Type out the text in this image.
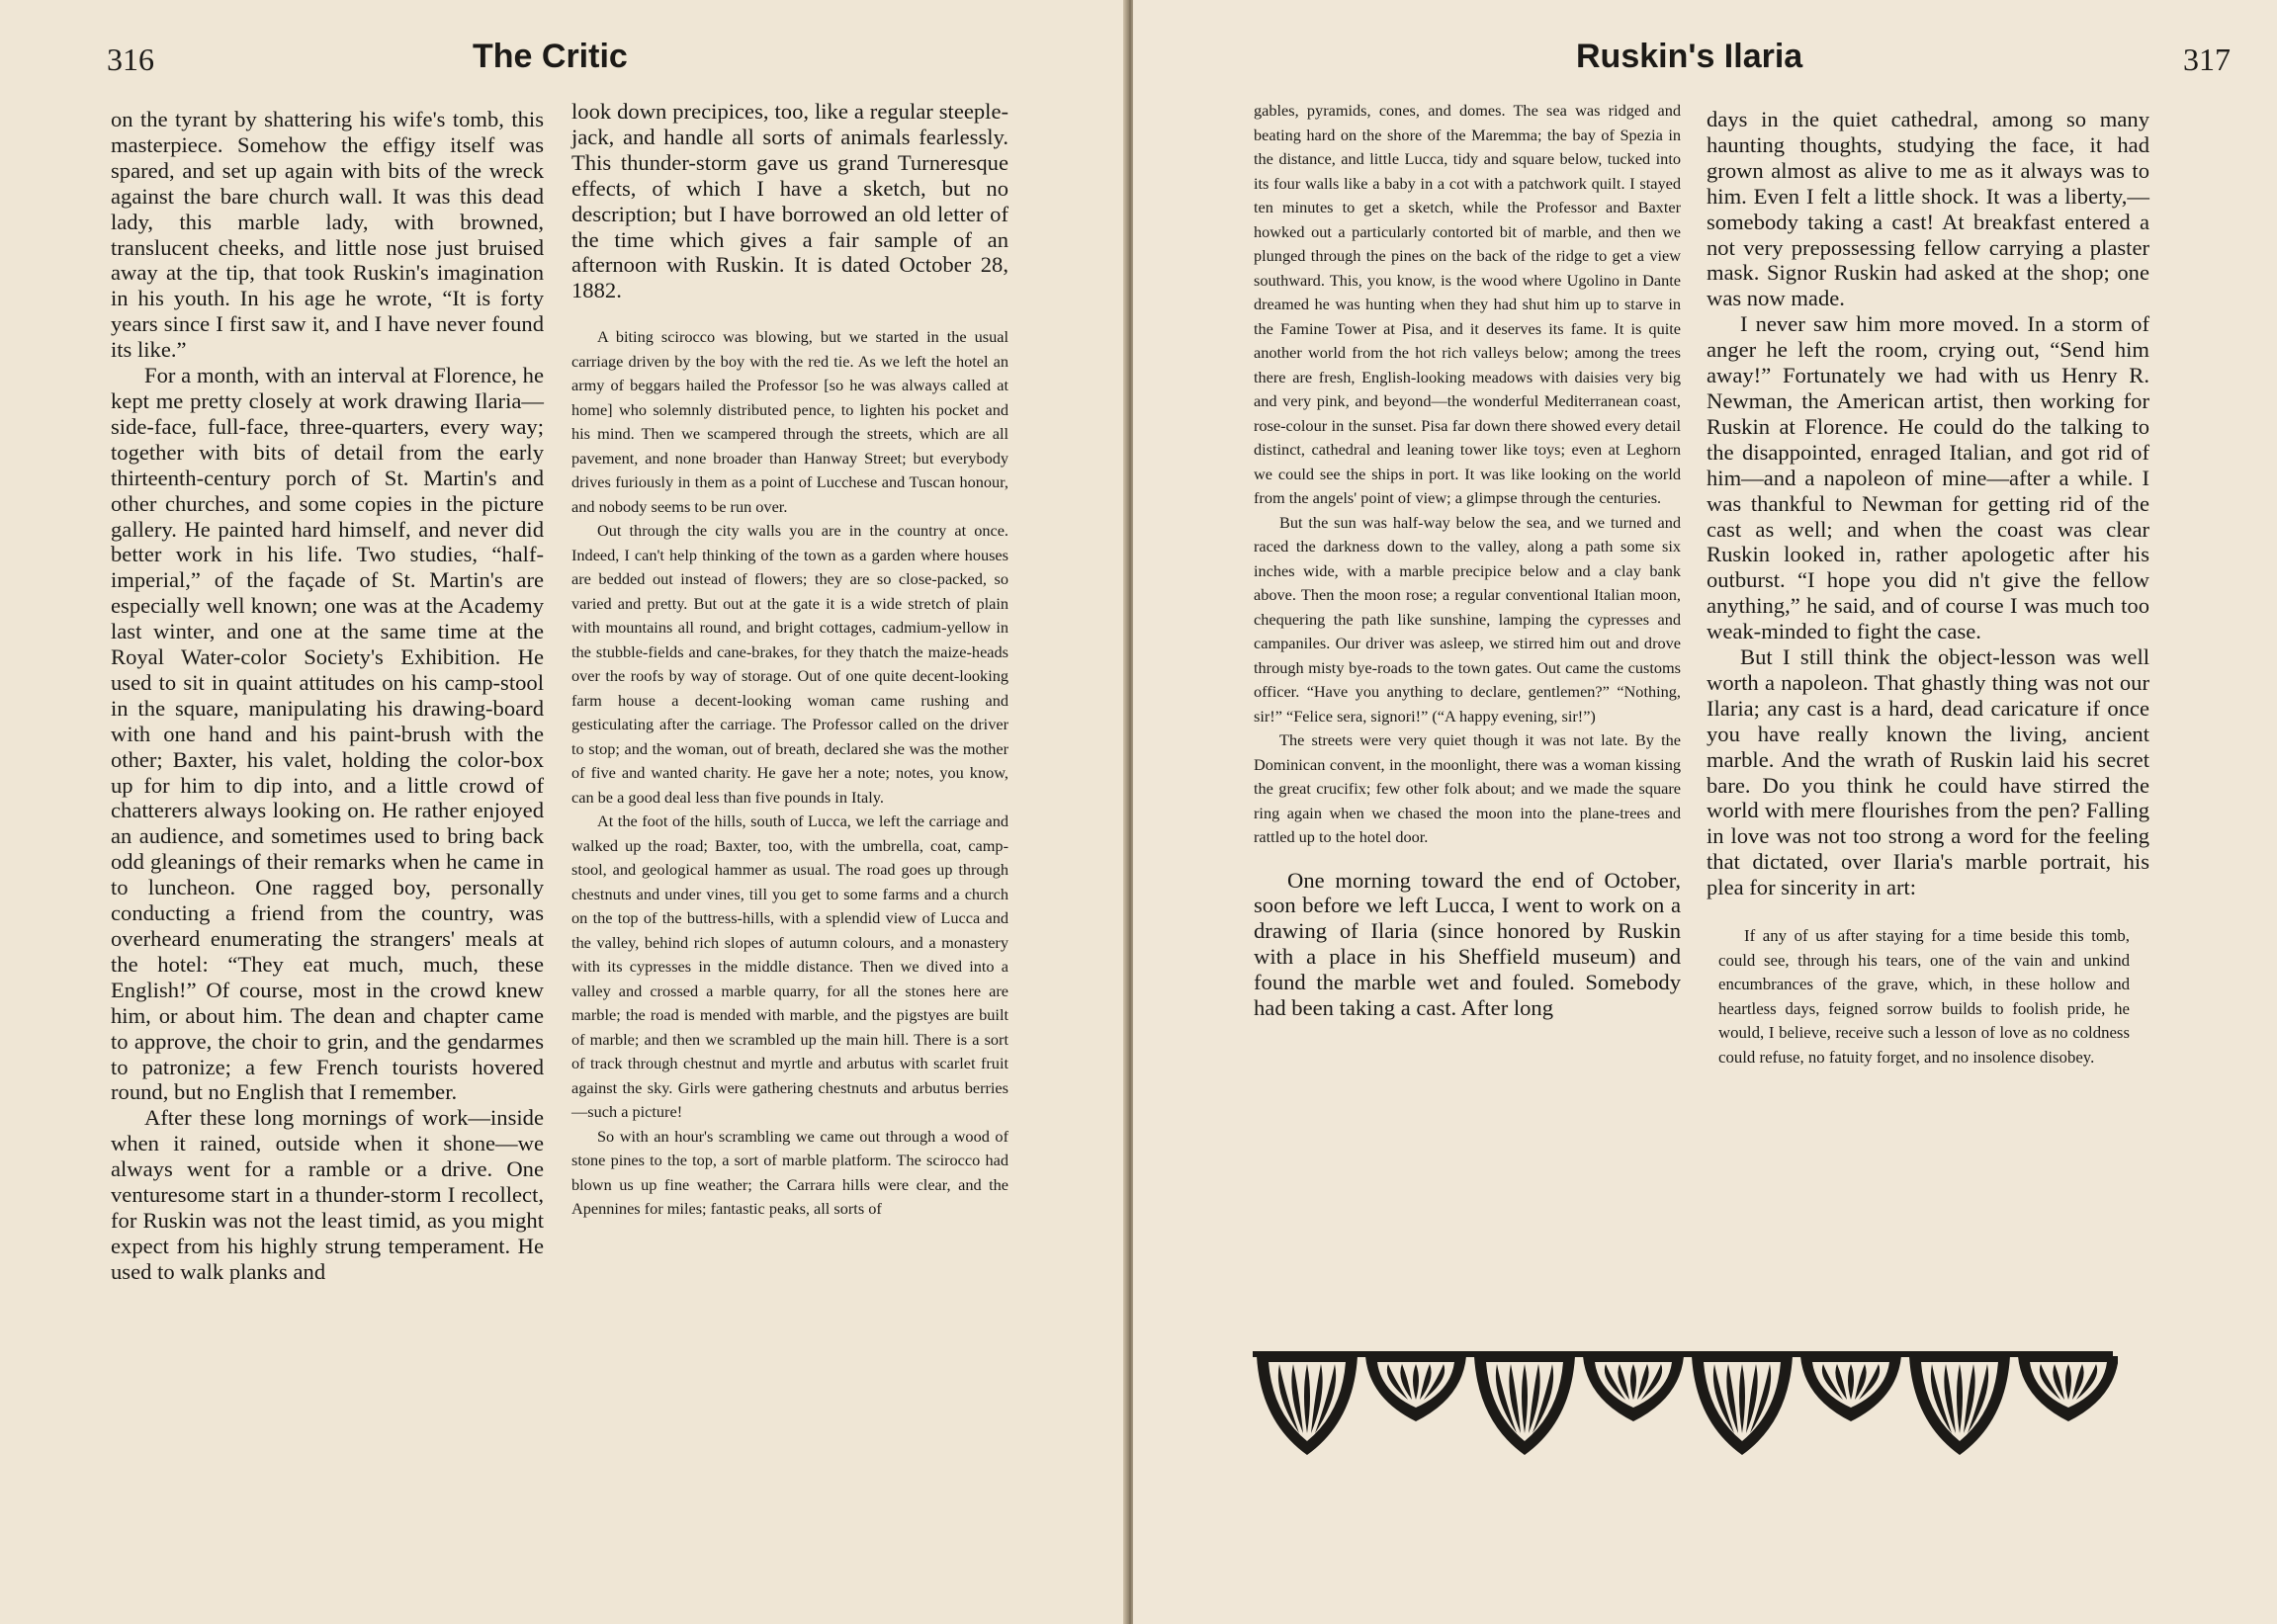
316	The Critic

on the tyrant by shattering his wife's tomb, this masterpiece. Somehow the effigy itself was spared, and set up again with bits of the wreck against the bare church wall. It was this dead lady, this marble lady, with browned, translucent cheeks, and little nose just bruised away at the tip, that took Ruskin's imagination in his youth. In his age he wrote, “It is forty years since I first saw it, and I have never found its like.”

For a month, with an interval at Florence, he kept me pretty closely at work drawing Ilaria—side-face, full-face, three-quarters, every way; together with bits of detail from the early thirteenth-century porch of St. Martin's and other churches, and some copies in the picture gallery. He painted hard himself, and never did better work in his life. Two studies, “half-imperial,” of the façade of St. Martin's are especially well known; one was at the Academy last winter, and one at the same time at the Royal Water-color Society's Exhibition. He used to sit in quaint attitudes on his camp-stool in the square, manipulating his drawing-board with one hand and his paint-brush with the other; Baxter, his valet, holding the color-box up for him to dip into, and a little crowd of chatterers always looking on. He rather enjoyed an audience, and sometimes used to bring back odd gleanings of their remarks when he came in to luncheon. One ragged boy, personally conducting a friend from the country, was overheard enumerating the strangers' meals at the hotel: “They eat much, much, these English!” Of course, most in the crowd knew him, or about him. The dean and chapter came to approve, the choir to grin, and the gendarmes to patronize; a few French tourists hovered round, but no English that I remember.

After these long mornings of work—inside when it rained, outside when it shone—we always went for a ramble or a drive. One venturesome start in a thunder-storm I recollect, for Ruskin was not the least timid, as you might expect from his highly strung temperament. He used to walk planks and

look down precipices, too, like a regular steeple-jack, and handle all sorts of animals fearlessly. This thunder-storm gave us grand Turneresque effects, of which I have a sketch, but no description; but I have borrowed an old letter of the time which gives a fair sample of an afternoon with Ruskin. It is dated October 28, 1882.

A biting scirocco was blowing, but we started in the usual carriage driven by the boy with the red tie. As we left the hotel an army of beggars hailed the Professor [so he was always called at home] who solemnly distributed pence, to lighten his pocket and his mind. Then we scampered through the streets, which are all pavement, and none broader than Hanway Street; but everybody drives furiously in them as a point of Lucchese and Tuscan honour, and nobody seems to be run over.

Out through the city walls you are in the country at once. Indeed, I can't help thinking of the town as a garden where houses are bedded out instead of flowers; they are so close-packed, so varied and pretty. But out at the gate it is a wide stretch of plain with mountains all round, and bright cottages, cadmium-yellow in the stubble-fields and cane-brakes, for they thatch the maize-heads over the roofs by way of storage. Out of one quite decent-looking farm house a decent-looking woman came rushing and gesticulating after the carriage. The Professor called on the driver to stop; and the woman, out of breath, declared she was the mother of five and wanted charity. He gave her a note; notes, you know, can be a good deal less than five pounds in Italy.

At the foot of the hills, south of Lucca, we left the carriage and walked up the road; Baxter, too, with the umbrella, coat, camp-stool, and geological hammer as usual. The road goes up through chestnuts and under vines, till you get to some farms and a church on the top of the buttress-hills, with a splendid view of Lucca and the valley, behind rich slopes of autumn colours, and a monastery with its cypresses in the middle distance. Then we dived into a valley and crossed a marble quarry, for all the stones here are marble; the road is mended with marble, and the pigstyes are built of marble; and then we scrambled up the main hill. There is a sort of track through chestnut and myrtle and arbutus with scarlet fruit against the sky. Girls were gathering chestnuts and arbutus berries—such a picture!

So with an hour's scrambling we came out through a wood of stone pines to the top, a sort of marble platform. The scirocco had blown us up fine weather; the Carrara hills were clear, and the Apennines for miles; fantastic peaks, all sorts of

Ruskin's Ilaria	317

gables, pyramids, cones, and domes. The sea was ridged and beating hard on the shore of the Maremma; the bay of Spezia in the distance, and little Lucca, tidy and square below, tucked into its four walls like a baby in a cot with a patchwork quilt. I stayed ten minutes to get a sketch, while the Professor and Baxter howked out a particularly contorted bit of marble, and then we plunged through the pines on the back of the ridge to get a view southward. This, you know, is the wood where Ugolino in Dante dreamed he was hunting when they had shut him up to starve in the Famine Tower at Pisa, and it deserves its fame. It is quite another world from the hot rich valleys below; among the trees there are fresh, English-looking meadows with daisies very big and very pink, and beyond—the wonderful Mediterranean coast, rose-colour in the sunset. Pisa far down there showed every detail distinct, cathedral and leaning tower like toys; even at Leghorn we could see the ships in port. It was like looking on the world from the angels' point of view; a glimpse through the centuries.

But the sun was half-way below the sea, and we turned and raced the darkness down to the valley, along a path some six inches wide, with a marble precipice below and a clay bank above. Then the moon rose; a regular conventional Italian moon, chequering the path like sunshine, lamping the cypresses and campaniles. Our driver was asleep, we stirred him out and drove through misty bye-roads to the town gates. Out came the customs officer. “Have you anything to declare, gentlemen?” “Nothing, sir!” “Felice sera, signori!” (“A happy evening, sir!”)

The streets were very quiet though it was not late. By the Dominican convent, in the moonlight, there was a woman kissing the great crucifix; few other folk about; and we made the square ring again when we chased the moon into the plane-trees and rattled up to the hotel door.

One morning toward the end of October, soon before we left Lucca, I went to work on a drawing of Ilaria (since honored by Ruskin with a place in his Sheffield museum) and found the marble wet and fouled. Somebody had been taking a cast. After long

days in the quiet cathedral, among so many haunting thoughts, studying the face, it had grown almost as alive to me as it always was to him. Even I felt a little shock. It was a liberty,—somebody taking a cast! At breakfast entered a not very prepossessing fellow carrying a plaster mask. Signor Ruskin had asked at the shop; one was now made.

I never saw him more moved. In a storm of anger he left the room, crying out, “Send him away!” Fortunately we had with us Henry R. Newman, the American artist, then working for Ruskin at Florence. He could do the talking to the disappointed, enraged Italian, and got rid of him—and a napoleon of mine—after a while. I was thankful to Newman for getting rid of the cast as well; and when the coast was clear Ruskin looked in, rather apologetic after his outburst. “I hope you did n't give the fellow anything,” he said, and of course I was much too weak-minded to fight the case.

But I still think the object-lesson was well worth a napoleon. That ghastly thing was not our Ilaria; any cast is a hard, dead caricature if once you have really known the living, ancient marble. And the wrath of Ruskin laid his secret bare. Do you think he could have stirred the world with mere flourishes from the pen? Falling in love was not too strong a word for the feeling that dictated, over Ilaria's marble portrait, his plea for sincerity in art:

If any of us after staying for a time beside this tomb, could see, through his tears, one of the vain and unkind encumbrances of the grave, which, in these hollow and heartless days, feigned sorrow builds to foolish pride, he would, I believe, receive such a lesson of love as no coldness could refuse, no fatuity forget, and no insolence disobey.
